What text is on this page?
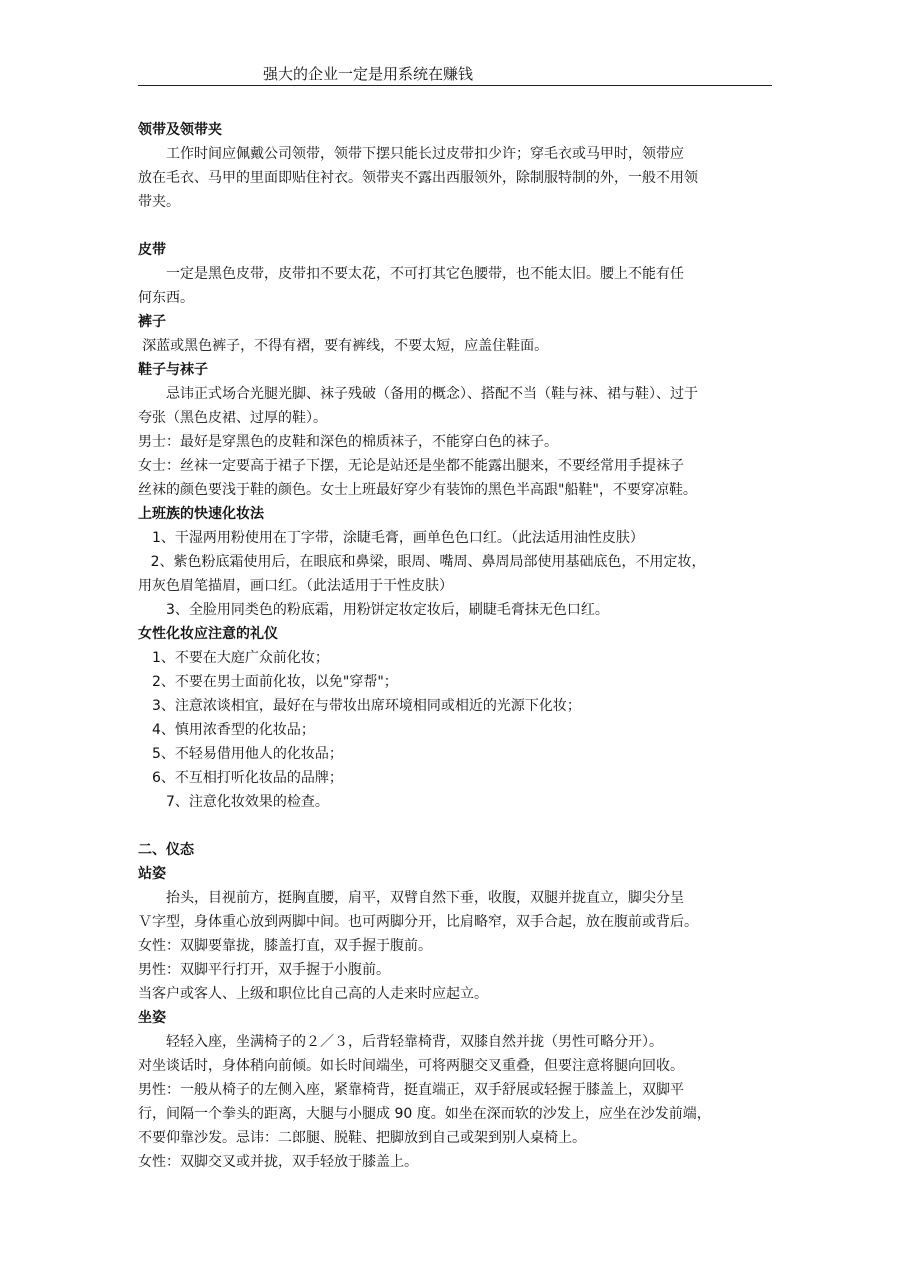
强大的企业一定是用系统在赚钱
领带及领带夹

工作时间应佩戴公司领带，领带下摆只能长过皮带扣少许；穿毛衣或马甲时，领带应

放在毛衣、马甲的里面即贴住衬衣。领带夹不露出西服领外，除制服特制的外，一般不用领

带夹。

皮带

一定是黑色皮带，皮带扣不要太花，不可打其它色腰带，也不能太旧。腰上不能有任

何东西。

裤子

深蓝或黑色裤子，不得有褶，要有裤线，不要太短，应盖住鞋面。

鞋子与袜子

忌讳正式场合光腿光脚、袜子残破（备用的概念）、搭配不当（鞋与袜、裙与鞋）、过于

夸张（黑色皮裙、过厚的鞋）。

男士：最好是穿黑色的皮鞋和深色的棉质袜子，不能穿白色的袜子。

女士：丝袜一定要高于裙子下摆，无论是站还是坐都不能露出腿来，不要经常用手提袜子

丝袜的颜色要浅于鞋的颜色。女士上班最好穿少有装饰的黑色半高跟"船鞋"，不要穿凉鞋。

上班族的快速化妆法

1、干湿两用粉使用在丁字带，涂睫毛膏，画单色色口红。（此法适用油性皮肤）

2、紫色粉底霜使用后，在眼底和鼻梁，眼周、嘴周、鼻周局部使用基础底色，不用定妆，

用灰色眉笔描眉，画口红。（此法适用于干性皮肤）

3、全脸用同类色的粉底霜，用粉饼定妆定妆后，刷睫毛膏抹无色口红。

女性化妆应注意的礼仪

1、不要在大庭广众前化妆；

2、不要在男士面前化妆，以免"穿帮"；

3、注意浓谈相宜，最好在与带妆出席环境相同或相近的光源下化妆；

4、慎用浓香型的化妆品；

5、不轻易借用他人的化妆品；

6、不互相打听化妆品的品牌；

7、注意化妆效果的检查。

二、仪态
站姿

抬头，目视前方，挺胸直腰，肩平，双臂自然下垂，收腹，双腿并拢直立，脚尖分呈

Ｖ字型，身体重心放到两脚中间。也可两脚分开，比肩略窄，双手合起，放在腹前或背后。

女性：双脚要靠拢，膝盖打直，双手握于腹前。

男性：双脚平行打开，双手握于小腹前。

当客户或客人、上级和职位比自己高的人走来时应起立。

坐姿

轻轻入座，坐满椅子的２／３，后背轻靠椅背，双膝自然并拢（男性可略分开）。

对坐谈话时，身体稍向前倾。如长时间端坐，可将两腿交叉重叠，但要注意将腿向回收。

男性：一般从椅子的左侧入座，紧靠椅背，挺直端正，双手舒展或轻握于膝盖上，双脚平

行，间隔一个拳头的距离，大腿与小腿成 90 度。如坐在深而软的沙发上，应坐在沙发前端，

不要仰靠沙发。忌讳：二郎腿、脱鞋、把脚放到自己或架到别人桌椅上。

女性：双脚交叉或并拢，双手轻放于膝盖上。
